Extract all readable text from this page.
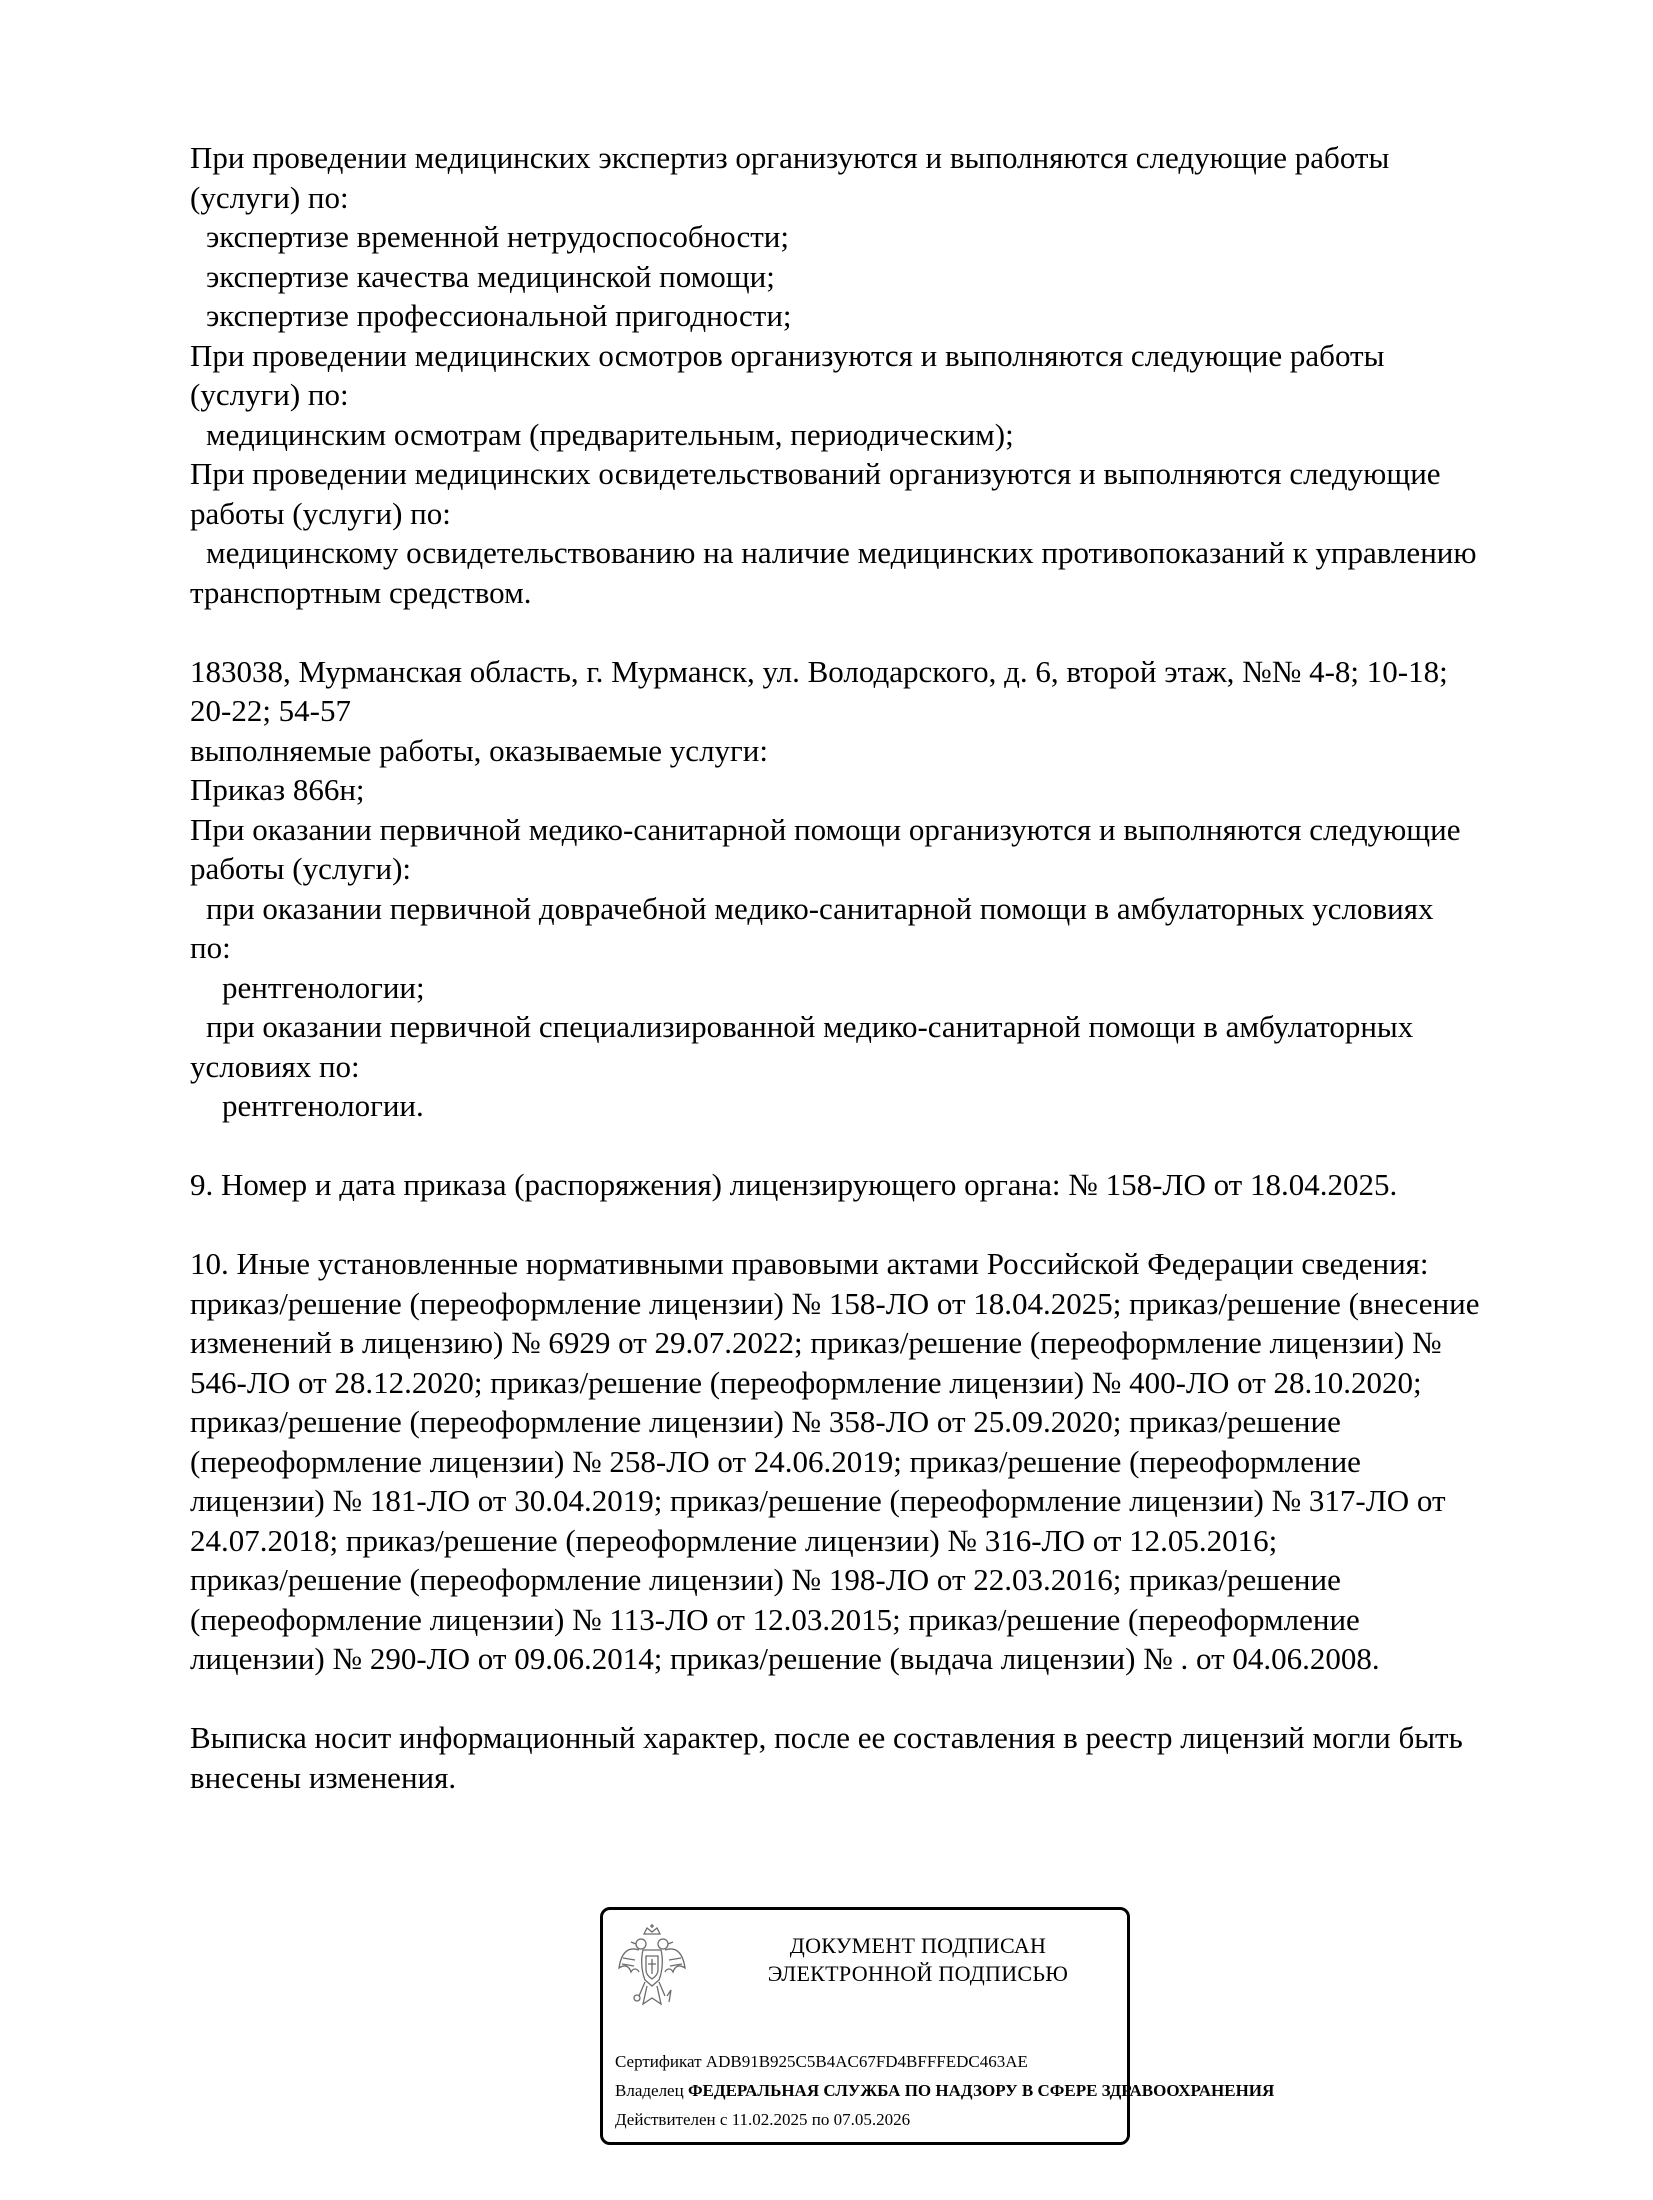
При проведении медицинских экспертиз организуются и выполняются следующие работы
(услуги) по:
экспертизе временной нетрудоспособности;
экспертизе качества медицинской помощи;
экспертизе профессиональной пригодности;
При проведении медицинских осмотров организуются и выполняются следующие работы
(услуги) по:
медицинским осмотрам (предварительным, периодическим);
При проведении медицинских освидетельствований организуются и выполняются следующие
работы (услуги) по:
медицинскому освидетельствованию на наличие медицинских противопоказаний к управлению
транспортным средством.
183038, Мурманская область, г. Мурманск, ул. Володарского, д. 6, второй этаж, №№ 4-8; 10-18;
20-22; 54-57
выполняемые работы, оказываемые услуги:
Приказ 866н;
При оказании первичной медико-санитарной помощи организуются и выполняются следующие
работы (услуги):
при оказании первичной доврачебной медико-санитарной помощи в амбулаторных условиях
по:
рентгенологии;
при оказании первичной специализированной медико-санитарной помощи в амбулаторных
условиях по:
рентгенологии.
9. Номер и дата приказа (распоряжения) лицензирующего органа: № 158-ЛО от 18.04.2025.
10. Иные установленные нормативными правовыми актами Российской Федерации сведения:
приказ/решение (переоформление лицензии) № 158-ЛО от 18.04.2025; приказ/решение (внесение
изменений в лицензию) № 6929 от 29.07.2022; приказ/решение (переоформление лицензии) №
546-ЛО от 28.12.2020; приказ/решение (переоформление лицензии) № 400-ЛО от 28.10.2020;
приказ/решение (переоформление лицензии) № 358-ЛО от 25.09.2020; приказ/решение
(переоформление лицензии) № 258-ЛО от 24.06.2019; приказ/решение (переоформление
лицензии) № 181-ЛО от 30.04.2019; приказ/решение (переоформление лицензии) № 317-ЛО от
24.07.2018; приказ/решение (переоформление лицензии) № 316-ЛО от 12.05.2016;
приказ/решение (переоформление лицензии) № 198-ЛО от 22.03.2016; приказ/решение
(переоформление лицензии) № 113-ЛО от 12.03.2015; приказ/решение (переоформление
лицензии) № 290-ЛО от 09.06.2014; приказ/решение (выдача лицензии) № . от 04.06.2008.
Выписка носит информационный характер, после ее составления в реестр лицензий могли быть
внесены изменения.
ДОКУМЕНТ ПОДПИСАН
ЭЛЕКТРОННОЙ ПОДПИСЬЮ
Сертификат ADB91B925C5B4AC67FD4BFFFEDC463AE
Владелец ФЕДЕРАЛЬНАЯ СЛУЖБА ПО НАДЗОРУ В СФЕРЕ ЗДРАВООХРАНЕНИЯ
Действителен с 11.02.2025 по 07.05.2026
